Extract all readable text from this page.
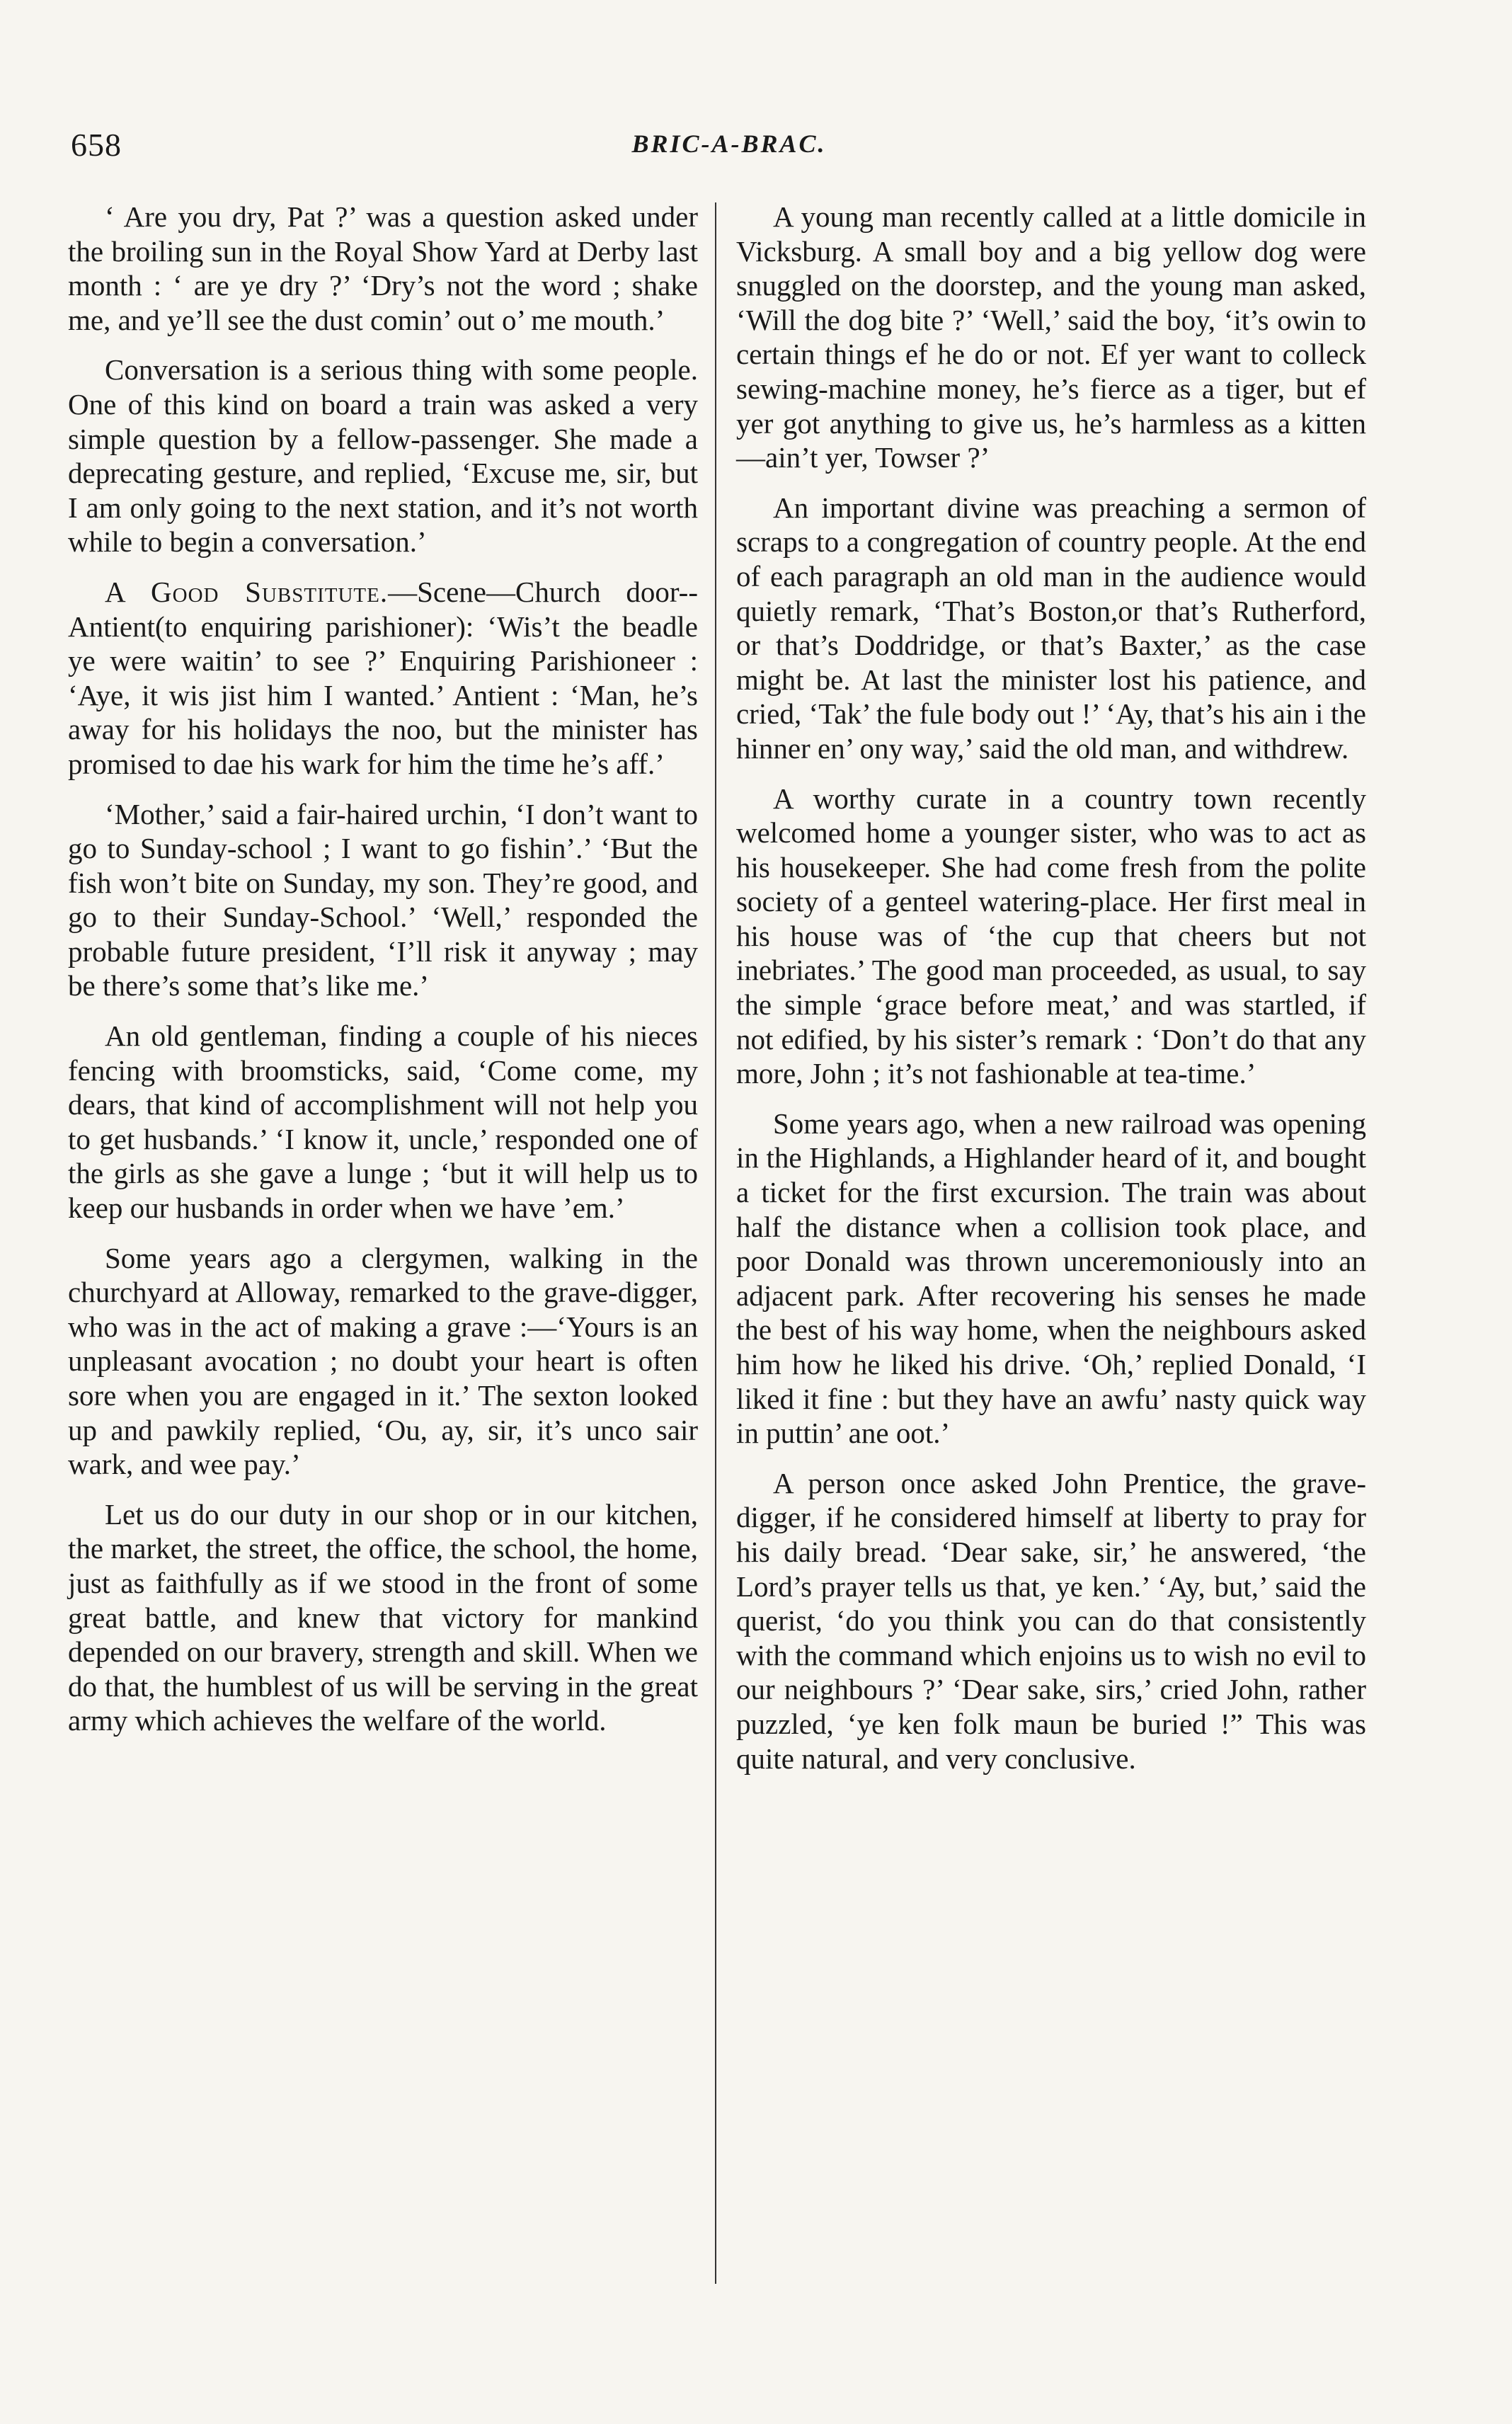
658	BRIC-A-BRAC.

‘ Are you dry, Pat ?’ was a question asked under the broiling sun in the Royal Show Yard at Derby last month : ‘ are ye dry ?’ ‘Dry’s not the word ; shake me, and ye’ll see the dust comin’ out o’ me mouth.’

Conversation is a serious thing with some people. One of this kind on board a train was asked a very simple question by a fellow-passenger. She made a deprecating gesture, and replied, ‘Excuse me, sir, but I am only going to the next station, and it’s not worth while to begin a conversation.’

A Good Substitute.—Scene—Church door--Antient(to enquiring parishioner): ‘Wis’t the beadle ye were waitin’ to see ?’ Enquiring Parishioneer : ‘Aye, it wis jist him I wanted.’ Antient : ‘Man, he’s away for his holidays the noo, but the minister has promised to dae his wark for him the time he’s aff.’

‘Mother,’ said a fair-haired urchin, ‘I don’t want to go to Sunday-school ; I want to go fishin’.’ ‘But the fish won’t bite on Sunday, my son. They’re good, and go to their Sunday-School.’ ‘Well,’ responded the probable future president, ‘I’ll risk it anyway ; may be there’s some that’s like me.’

An old gentleman, finding a couple of his nieces fencing with broomsticks, said, ‘Come come, my dears, that kind of accomplishment will not help you to get husbands.’ ‘I know it, uncle,’ responded one of the girls as she gave a lunge ; ‘but it will help us to keep our husbands in order when we have ’em.’

Some years ago a clergymen, walking in the churchyard at Alloway, remarked to the grave-digger, who was in the act of making a grave :—‘Yours is an unpleasant avocation ; no doubt your heart is often sore when you are engaged in it.’ The sexton looked up and pawkily replied, ‘Ou, ay, sir, it’s unco sair wark, and wee pay.’

Let us do our duty in our shop or in our kitchen, the market, the street, the office, the school, the home, just as faithfully as if we stood in the front of some great battle, and knew that victory for mankind depended on our bravery, strength and skill. When we do that, the humblest of us will be serving in the great army which achieves the welfare of the world.

A young man recently called at a little domicile in Vicksburg. A small boy and a big yellow dog were snuggled on the doorstep, and the young man asked, ‘Will the dog bite ?’ ‘Well,’ said the boy, ‘it’s owin to certain things ef he do or not. Ef yer want to colleck sewing-machine money, he’s fierce as a tiger, but ef yer got anything to give us, he’s harmless as a kitten—ain’t yer, Towser ?’

An important divine was preaching a sermon of scraps to a congregation of country people. At the end of each paragraph an old man in the audience would quietly remark, ‘That’s Boston,or that’s Rutherford, or that’s Doddridge, or that’s Baxter,’ as the case might be. At last the minister lost his patience, and cried, ‘Tak’ the fule body out !’ ‘Ay, that’s his ain i the hinner en’ ony way,’ said the old man, and withdrew.

A worthy curate in a country town recently welcomed home a younger sister, who was to act as his housekeeper. She had come fresh from the polite society of a genteel watering-place. Her first meal in his house was of ‘the cup that cheers but not inebriates.’ The good man proceeded, as usual, to say the simple ‘grace before meat,’ and was startled, if not edified, by his sister’s remark : ‘Don’t do that any more, John ; it’s not fashionable at tea-time.’

Some years ago, when a new railroad was opening in the Highlands, a Highlander heard of it, and bought a ticket for the first excursion. The train was about half the distance when a collision took place, and poor Donald was thrown unceremoniously into an adjacent park. After recovering his senses he made the best of his way home, when the neighbours asked him how he liked his drive. ‘Oh,’ replied Donald, ‘I liked it fine : but they have an awfu’ nasty quick way in puttin’ ane oot.’

A person once asked John Prentice, the grave-digger, if he considered himself at liberty to pray for his daily bread. ‘Dear sake, sir,’ he answered, ‘the Lord’s prayer tells us that, ye ken.’ ‘Ay, but,’ said the querist, ‘do you think you can do that consistently with the command which enjoins us to wish no evil to our neighbours ?’ ‘Dear sake, sirs,’ cried John, rather puzzled, ‘ye ken folk maun be buried !” This was quite natural, and very conclusive.
